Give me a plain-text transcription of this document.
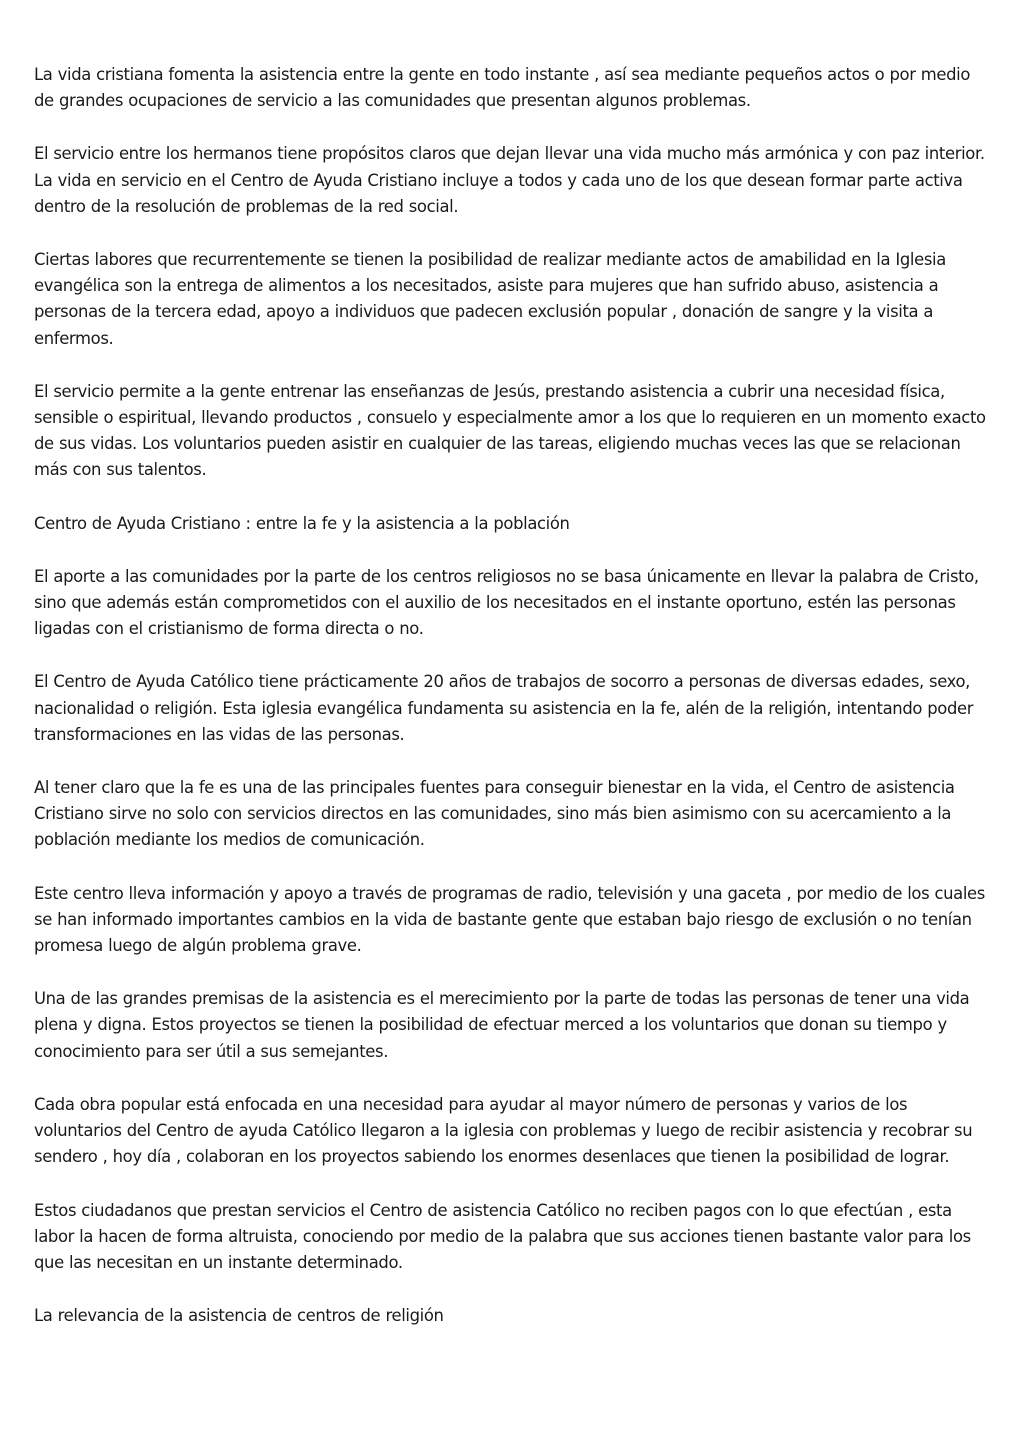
La vida cristiana fomenta la asistencia entre la gente en todo instante , así sea mediante pequeños actos o por medio de grandes ocupaciones de servicio a las comunidades que presentan algunos problemas.

El servicio entre los hermanos tiene propósitos claros que dejan llevar una vida mucho más armónica y con paz interior. La vida en servicio en el Centro de Ayuda Cristiano incluye a todos y cada uno de los que desean formar parte activa dentro de la resolución de problemas de la red social.

Ciertas labores que recurrentemente se tienen la posibilidad de realizar mediante actos de amabilidad en la Iglesia evangélica son la entrega de alimentos a los necesitados, asiste para mujeres que han sufrido abuso, asistencia a personas de la tercera edad, apoyo a individuos que padecen exclusión popular , donación de sangre y la visita a enfermos.

El servicio permite a la gente entrenar las enseñanzas de Jesús, prestando asistencia a cubrir una necesidad física, sensible o espiritual, llevando productos , consuelo y especialmente amor a los que lo requieren en un momento exacto de sus vidas. Los voluntarios pueden asistir en cualquier de las tareas, eligiendo muchas veces las que se relacionan más con sus talentos.

Centro de Ayuda Cristiano : entre la fe y la asistencia a la población

El aporte a las comunidades por la parte de los centros religiosos no se basa únicamente en llevar la palabra de Cristo, sino que además están comprometidos con el auxilio de los necesitados en el instante oportuno, estén las personas ligadas con el cristianismo de forma directa o no.

El Centro de Ayuda Católico tiene prácticamente 20 años de trabajos de socorro a personas de diversas edades, sexo, nacionalidad o religión. Esta iglesia evangélica fundamenta su asistencia en la fe, alén de la religión, intentando poder transformaciones en las vidas de las personas.

Al tener claro que la fe es una de las principales fuentes para conseguir bienestar en la vida, el Centro de asistencia Cristiano sirve no solo con servicios directos en las comunidades, sino más bien asimismo con su acercamiento a la población mediante los medios de comunicación.

Este centro lleva información y apoyo a través de programas de radio, televisión y una gaceta , por medio de los cuales se han informado importantes cambios en la vida de bastante gente que estaban bajo riesgo de exclusión o no tenían promesa luego de algún problema grave.

Una de las grandes premisas de la asistencia es el merecimiento por la parte de todas las personas de tener una vida plena y digna. Estos proyectos se tienen la posibilidad de efectuar merced a los voluntarios que donan su tiempo y conocimiento para ser útil a sus semejantes.

Cada obra popular está enfocada en una necesidad para ayudar al mayor número de personas y varios de los voluntarios del Centro de ayuda Católico llegaron a la iglesia con problemas y luego de recibir asistencia y recobrar su sendero , hoy día , colaboran en los proyectos sabiendo los enormes desenlaces que tienen la posibilidad de lograr.

Estos ciudadanos que prestan servicios el Centro de asistencia Católico no reciben pagos con lo que efectúan , esta labor la hacen de forma altruista, conociendo por medio de la palabra que sus acciones tienen bastante valor para los que las necesitan en un instante determinado.

La relevancia de la asistencia de centros de religión
